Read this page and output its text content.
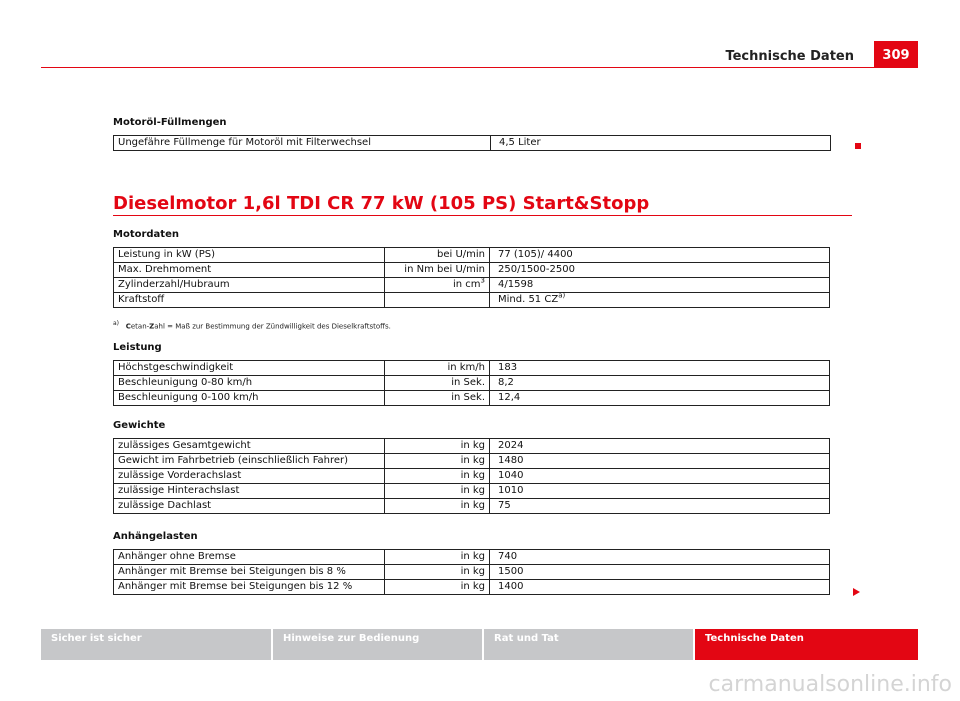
Technische Daten	309
Motoröl-Füllmengen
Ungefähre Füllmenge für Motoröl mit Filterwechsel	4,5 Liter
Dieselmotor 1,6l TDI CR 77 kW (105 PS) Start&Stopp
Motordaten
Leistung in kW (PS)	bei U/min	77 (105)/ 4400
Max. Drehmoment	in Nm bei U/min	250/1500-2500
Zylinderzahl/Hubraum	in $cm^3$	4/1598
Kraftstoff		Mind. 51 CZ$^{a)}$
$^{a)}$ Cetan-Zahl = Maß zur Bestimmung der Zündwilligkeit des Dieselkraftstoffs.
Leistung
Höchstgeschwindigkeit	in km/h	183
Beschleunigung 0-80 km/h	in Sek.	8,2
Beschleunigung 0-100 km/h	in Sek.	12,4
Gewichte
zulässiges Gesamtgewicht	in kg	2024
Gewicht im Fahrbetrieb (einschließlich Fahrer)	in kg	1480
zulässige Vorderachslast	in kg	1040
zulässige Hinterachslast	in kg	1010
zulässige Dachlast	in kg	75
Anhängelasten
Anhänger ohne Bremse	in kg	740
Anhänger mit Bremse bei Steigungen bis 8 %	in kg	1500
Anhänger mit Bremse bei Steigungen bis 12 %	in kg	1400
Sicher ist sicher	Hinweise zur Bedienung	Rat und Tat	Technische Daten
carmanualsonline.info
